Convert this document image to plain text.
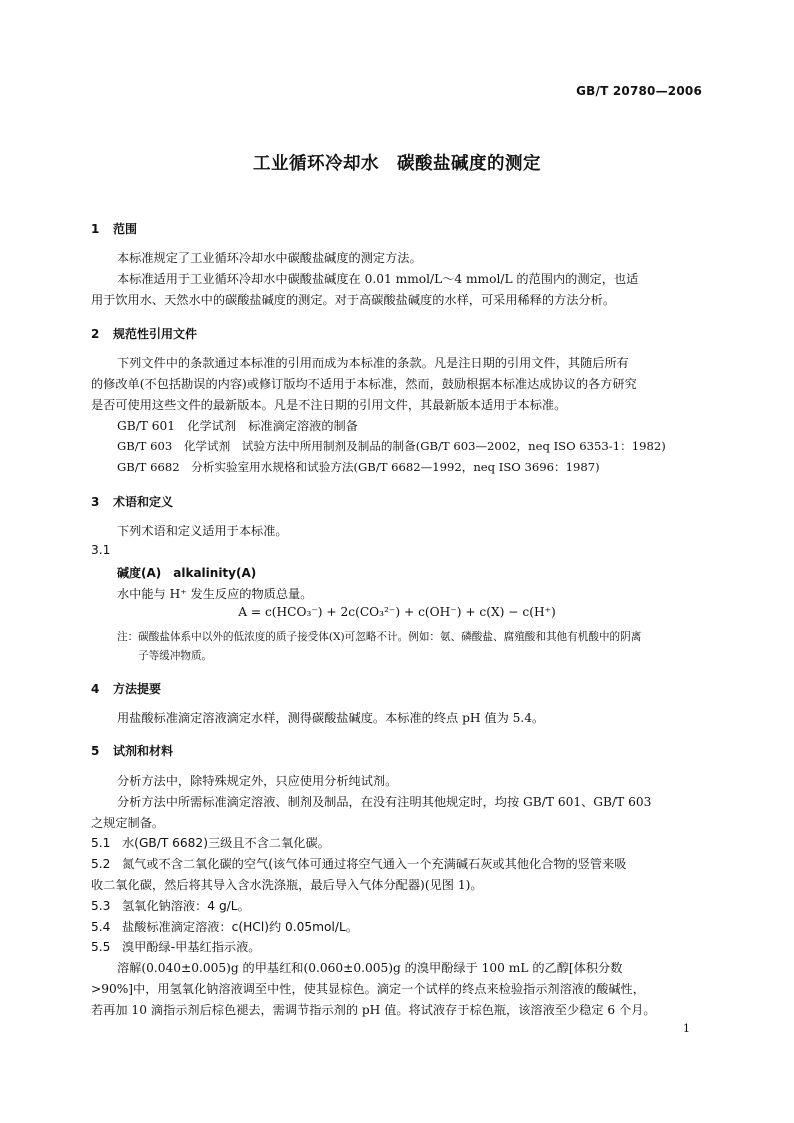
GB/T 20780—2006
工业循环冷却水　碳酸盐碱度的测定
1 范围
本标准规定了工业循环冷却水中碳酸盐碱度的测定方法。
本标准适用于工业循环冷却水中碳酸盐碱度在 0.01 mmol/L～4 mmol/L 的范围内的测定，也适
用于饮用水、天然水中的碳酸盐碱度的测定。对于高碳酸盐碱度的水样，可采用稀释的方法分析。
2 规范性引用文件
下列文件中的条款通过本标准的引用而成为本标准的条款。凡是注日期的引用文件，其随后所有
的修改单(不包括勘误的内容)或修订版均不适用于本标准，然而，鼓励根据本标准达成协议的各方研究
是否可使用这些文件的最新版本。凡是不注日期的引用文件，其最新版本适用于本标准。
GB/T 601　化学试剂　标准滴定溶液的制备
GB/T 603　化学试剂　试验方法中所用制剂及制品的制备(GB/T 603—2002，neq ISO 6353-1：1982)
GB/T 6682　分析实验室用水规格和试验方法(GB/T 6682—1992，neq ISO 3696：1987)
3 术语和定义
下列术语和定义适用于本标准。
3.1
碱度(A)　alkalinity(A)
水中能与 H⁺ 发生反应的物质总量。
A = c(HCO₃⁻) + 2c(CO₃²⁻) + c(OH⁻) + c(X) − c(H⁺)
注：碳酸盐体系中以外的低浓度的质子接受体(X)可忽略不计。例如：氨、磷酸盐、腐殖酸和其他有机酸中的阴离
子等缓冲物质。
4 方法提要
用盐酸标准滴定溶液滴定水样，测得碳酸盐碱度。本标准的终点 pH 值为 5.4。
5 试剂和材料
分析方法中，除特殊规定外，只应使用分析纯试剂。
分析方法中所需标准滴定溶液、制剂及制品，在没有注明其他规定时，均按 GB/T 601、GB/T 603
之规定制备。
5.1 水(GB/T 6682)三级且不含二氧化碳。
5.2 氮气或不含二氧化碳的空气(该气体可通过将空气通入一个充满碱石灰或其他化合物的竖管来吸
收二氧化碳，然后将其导入含水洗涤瓶，最后导入气体分配器)(见图 1)。
5.3 氢氧化钠溶液：4 g/L。
5.4 盐酸标准滴定溶液：c(HCl)约 0.05mol/L。
5.5 溴甲酚绿-甲基红指示液。
溶解(0.040±0.005)g 的甲基红和(0.060±0.005)g 的溴甲酚绿于 100 mL 的乙醇[体积分数
>90%]中，用氢氧化钠溶液调至中性，使其显棕色。滴定一个试样的终点来检验指示剂溶液的酸碱性，
若再加 10 滴指示剂后棕色褪去，需调节指示剂的 pH 值。将试液存于棕色瓶，该溶液至少稳定 6 个月。
1
